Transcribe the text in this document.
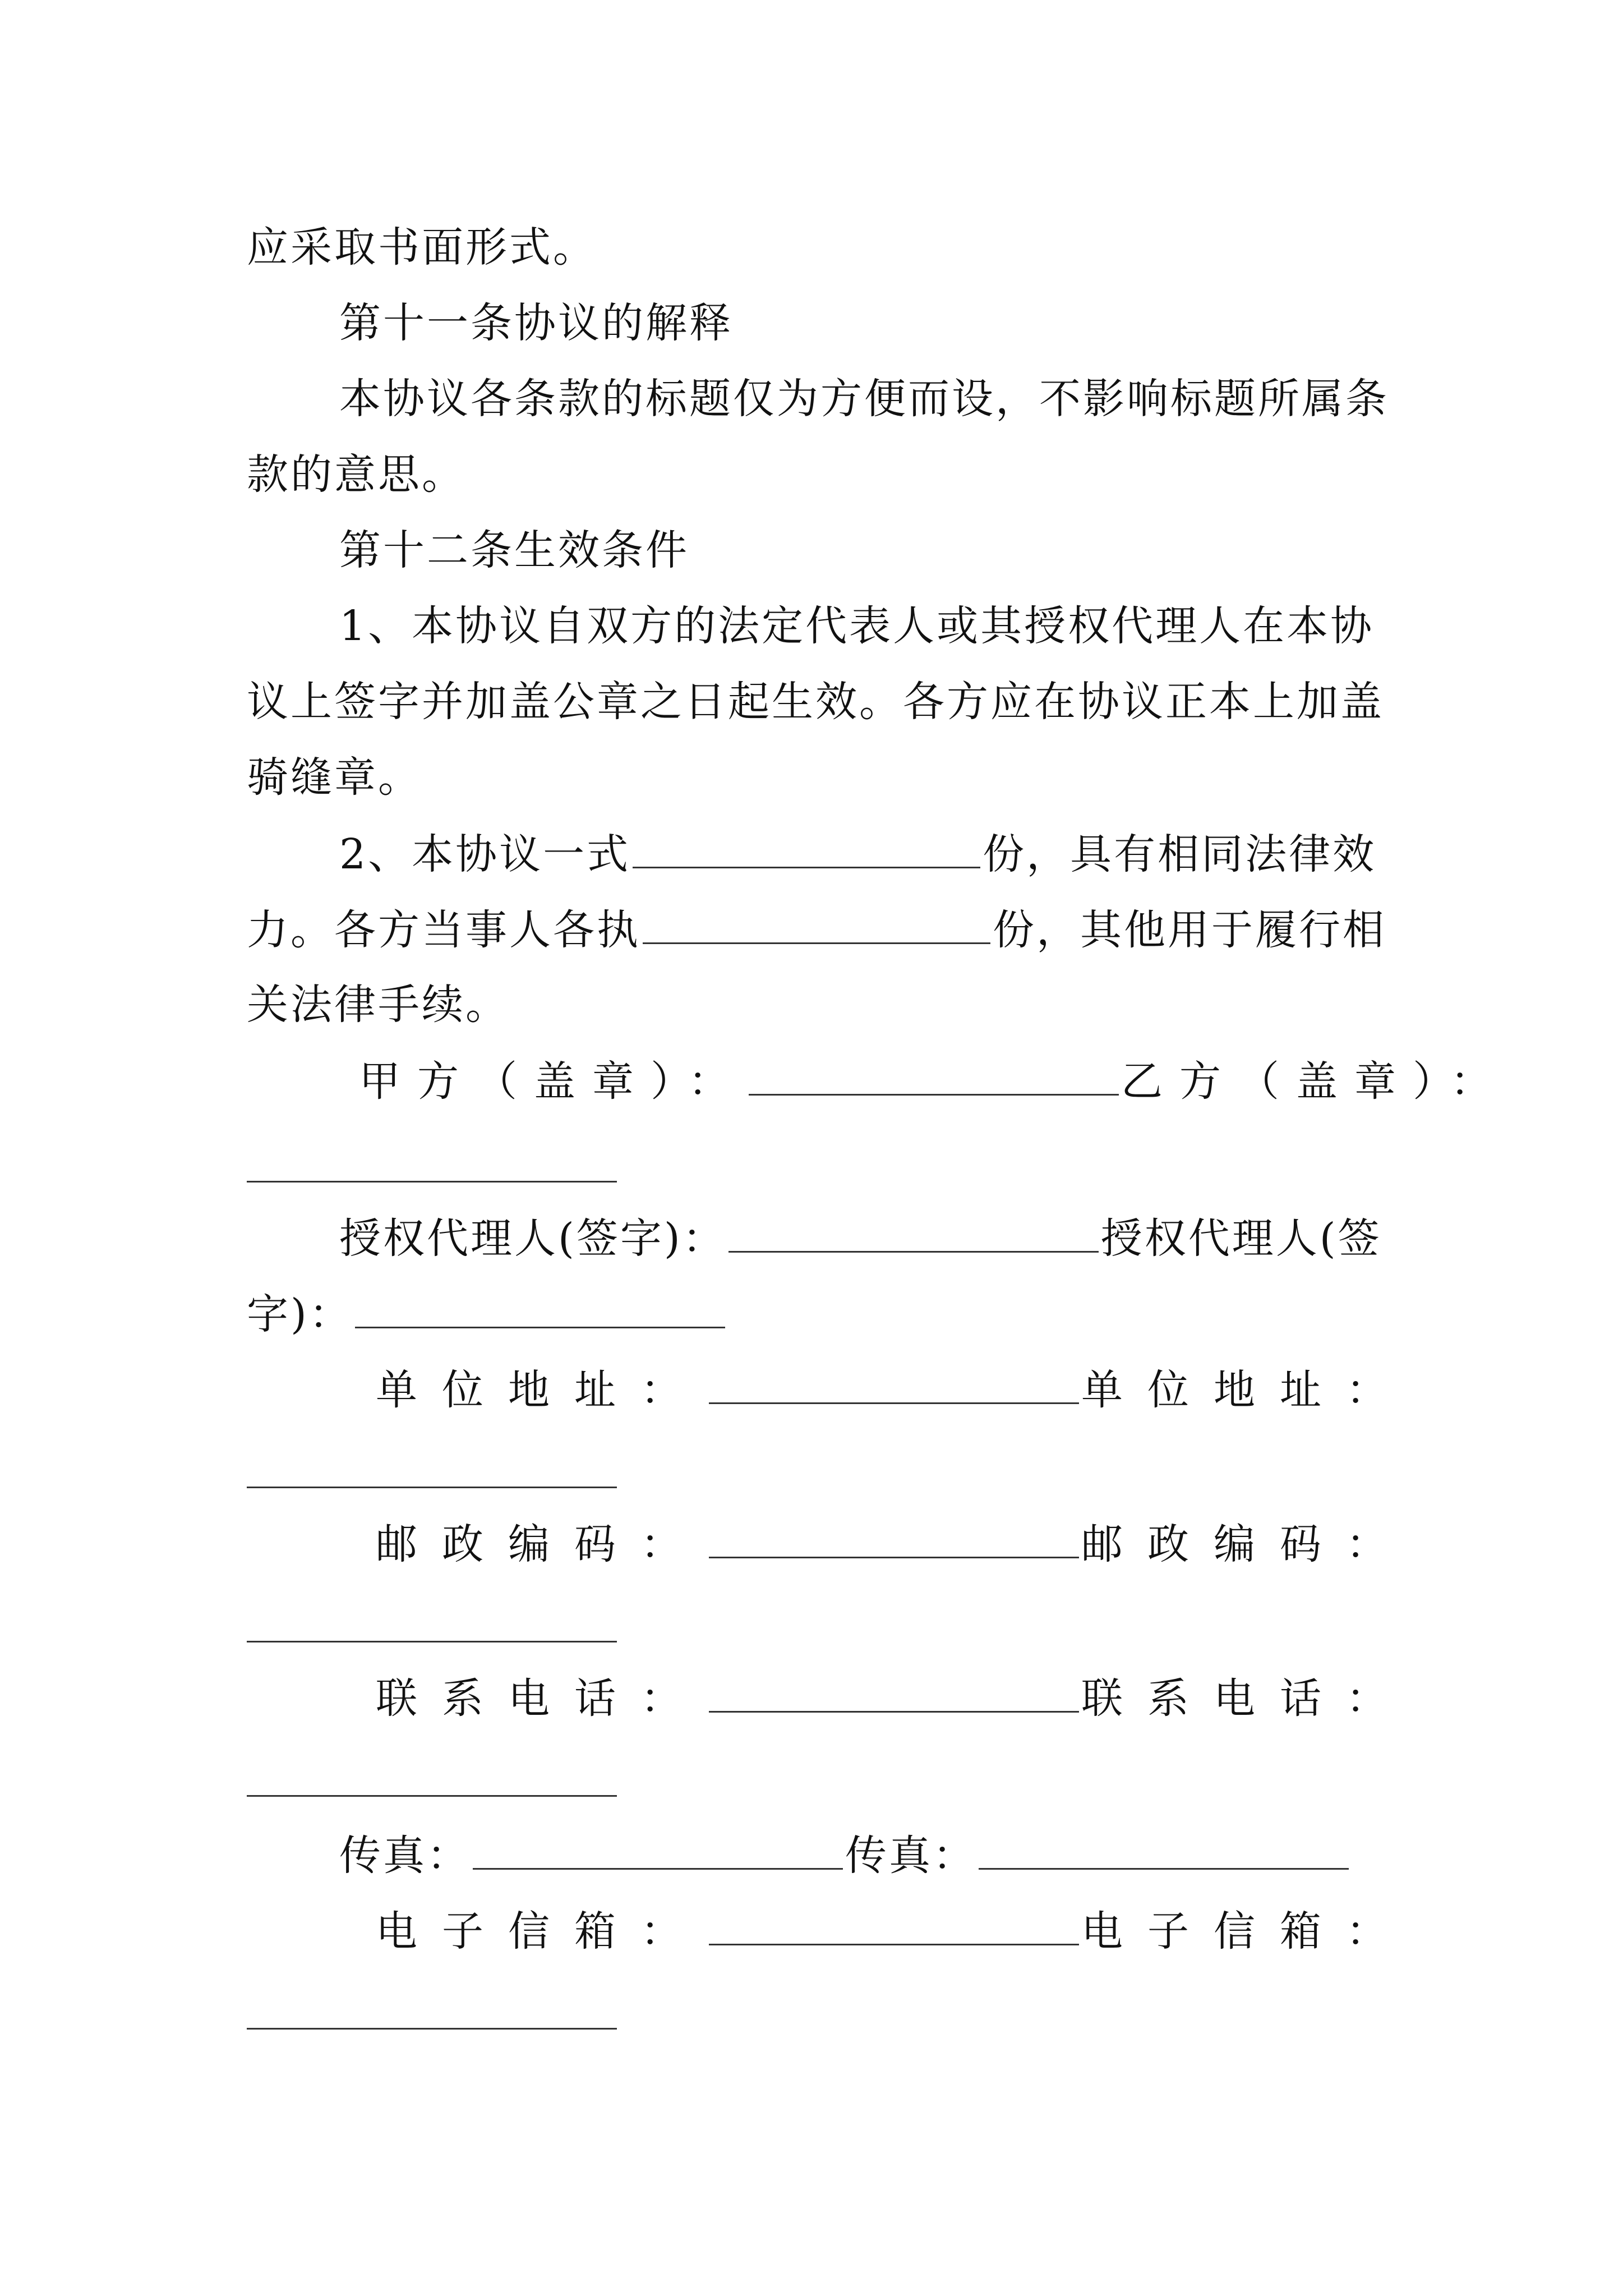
应采取书面形式。
第十一条协议的解释
本协议各条款的标题仅为方便而设，不影响标题所属条
款的意思。
第十二条生效条件
1、本协议自双方的法定代表人或其授权代理人在本协
议上签字并加盖公章之日起生效。各方应在协议正本上加盖
骑缝章。
2、本协议一式	份，具有相同法律效
力。各方当事人各执	份，其他用于履行相
关法律手续。
甲方（盖章）：	乙方（盖章）：
授权代理人(签字)：	授权代理人(签
字)：
单位地址：	单位地址：
邮政编码：	邮政编码：
联系电话：	联系电话：
传真：	传真：
电子信箱：	电子信箱：
